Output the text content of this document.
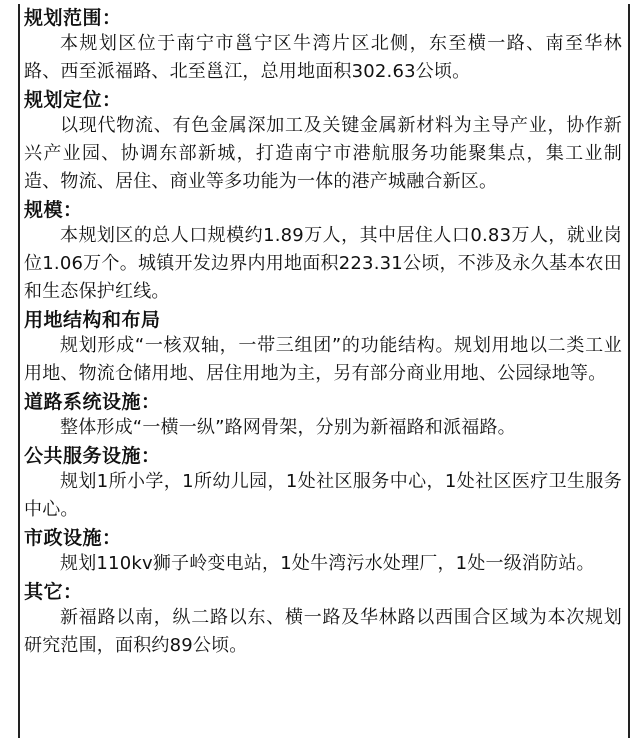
规划范围：

本规划区位于南宁市邕宁区牛湾片区北侧，东至横一路、南至华林路、西至派福路、北至邕江，总用地面积302.63公顷。

规划定位：

以现代物流、有色金属深加工及关键金属新材料为主导产业，协作新兴产业园、协调东部新城，打造南宁市港航服务功能聚集点，集工业制造、物流、居住、商业等多功能为一体的港产城融合新区。

规模：

本规划区的总人口规模约1.89万人，其中居住人口0.83万人，就业岗位1.06万个。城镇开发边界内用地面积223.31公顷，不涉及永久基本农田和生态保护红线。

用地结构和布局

规划形成“一核双轴，一带三组团”的功能结构。规划用地以二类工业用地、物流仓储用地、居住用地为主，另有部分商业用地、公园绿地等。

道路系统设施：

整体形成“一横一纵”路网骨架，分别为新福路和派福路。

公共服务设施：

规划1所小学，1所幼儿园，1处社区服务中心，1处社区医疗卫生服务中心。

市政设施：

规划110kv狮子岭变电站，1处牛湾污水处理厂，1处一级消防站。

其它：

新福路以南，纵二路以东、横一路及华林路以西围合区域为本次规划研究范围，面积约89公顷。
